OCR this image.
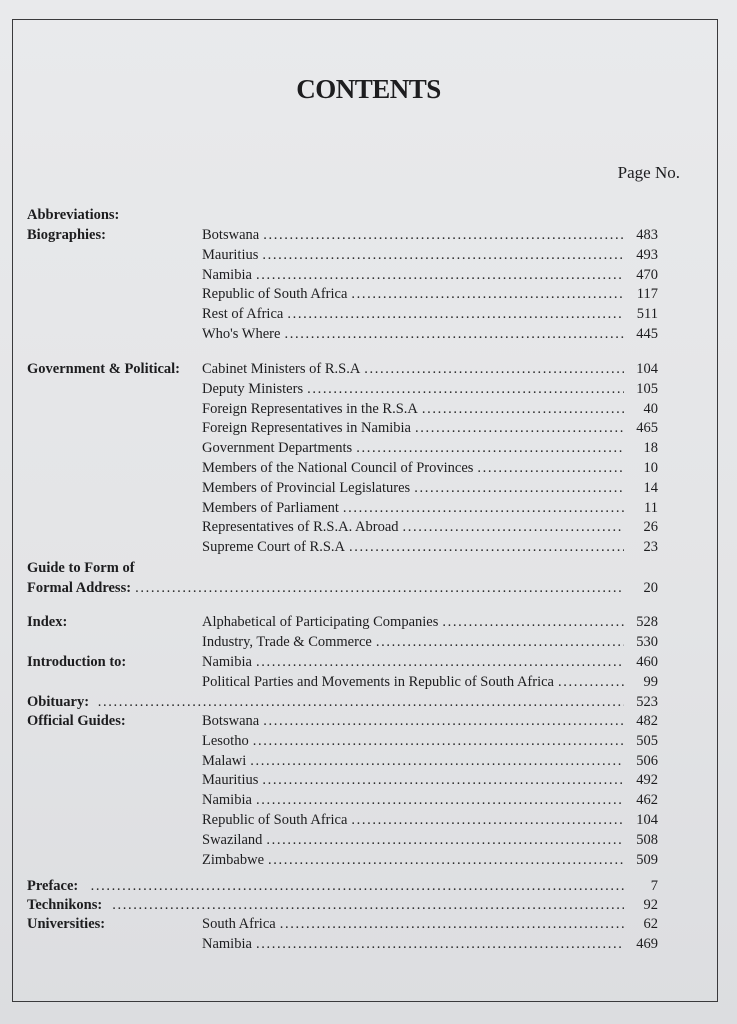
CONTENTS
Page No.
Abbreviations:
Biographies:	Botswana . . .	483
Mauritius . . .	493
Namibia . . .	470
Republic of South Africa . . .	117
Rest of Africa . . .	511
Who's Where . . .	445
Government & Political: Cabinet Ministers of R.S.A . . .	104
Deputy Ministers . . .	105
Foreign Representatives in the R.S.A . . .	40
Foreign Representatives in Namibia . . .	465
Government Departments . . .	18
Members of the National Council of Provinces . . .	10
Members of Provincial Legislatures . . .	14
Members of Parliament . . .	11
Representatives of R.S.A. Abroad . . .	26
Supreme Court of R.S.A . . .	23
Guide to Form of
Formal Address: . . .	20
Index:	Alphabetical of Participating Companies . . .	528
Industry, Trade & Commerce . . .	530
Introduction to:	Namibia . . .	460
Political Parties and Movements in Republic of South Africa . . .	99
Obituary: . . .	523
Official Guides:	Botswana . . .	482
Lesotho . . .	505
Malawi . . .	506
Mauritius . . .	492
Namibia . . .	462
Republic of South Africa . . .	104
Swaziland . . .	508
Zimbabwe . . .	509
Preface: . . .	7
Technikons: . . .	92
Universities:	South Africa . . .	62
Namibia . . .	469
